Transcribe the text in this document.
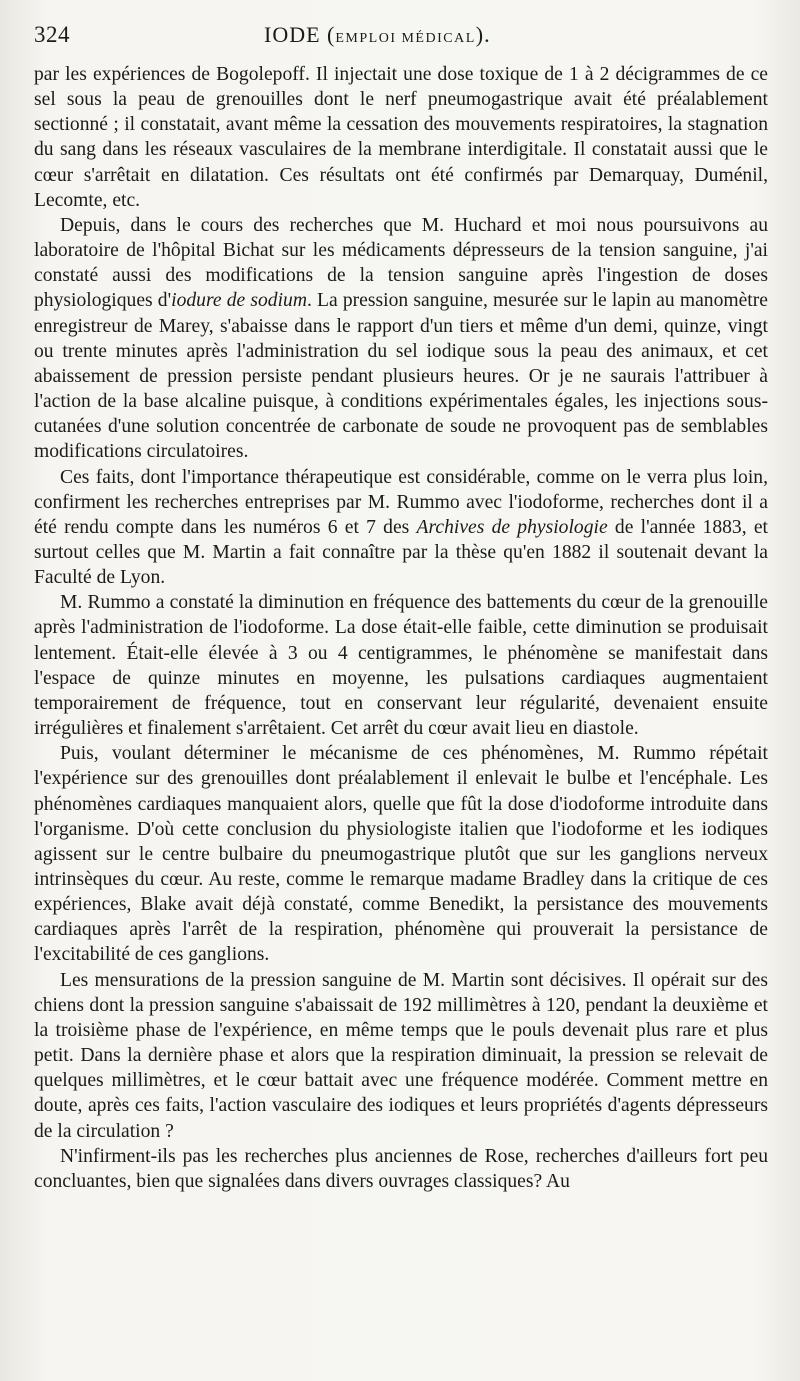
324	IODE (EMPLOI MÉDICAL).

par les expériences de Bogolepoff. Il injectait une dose toxique de 1 à 2 décigrammes de ce sel sous la peau de grenouilles dont le nerf pneumogastrique avait été préalablement sectionné ; il constatait, avant même la cessation des mouvements respiratoires, la stagnation du sang dans les réseaux vasculaires de la membrane interdigitale. Il constatait aussi que le cœur s'arrêtait en dilatation. Ces résultats ont été confirmés par Demarquay, Duménil, Lecomte, etc.

Depuis, dans le cours des recherches que M. Huchard et moi nous poursuivons au laboratoire de l'hôpital Bichat sur les médicaments dépresseurs de la tension sanguine, j'ai constaté aussi des modifications de la tension sanguine après l'ingestion de doses physiologiques d'iodure de sodium. La pression sanguine, mesurée sur le lapin au manomètre enregistreur de Marey, s'abaisse dans le rapport d'un tiers et même d'un demi, quinze, vingt ou trente minutes après l'administration du sel iodique sous la peau des animaux, et cet abaissement de pression persiste pendant plusieurs heures. Or je ne saurais l'attribuer à l'action de la base alcaline puisque, à conditions expérimentales égales, les injections sous-cutanées d'une solution concentrée de carbonate de soude ne provoquent pas de semblables modifications circulatoires.

Ces faits, dont l'importance thérapeutique est considérable, comme on le verra plus loin, confirment les recherches entreprises par M. Rummo avec l'iodoforme, recherches dont il a été rendu compte dans les numéros 6 et 7 des Archives de physiologie de l'année 1883, et surtout celles que M. Martin a fait connaître par la thèse qu'en 1882 il soutenait devant la Faculté de Lyon.

M. Rummo a constaté la diminution en fréquence des battements du cœur de la grenouille après l'administration de l'iodoforme. La dose était-elle faible, cette diminution se produisait lentement. Était-elle élevée à 3 ou 4 centigrammes, le phénomène se manifestait dans l'espace de quinze minutes en moyenne, les pulsations cardiaques augmentaient temporairement de fréquence, tout en conservant leur régularité, devenaient ensuite irrégulières et finalement s'arrêtaient. Cet arrêt du cœur avait lieu en diastole.

Puis, voulant déterminer le mécanisme de ces phénomènes, M. Rummo répétait l'expérience sur des grenouilles dont préalablement il enlevait le bulbe et l'encéphale. Les phénomènes cardiaques manquaient alors, quelle que fût la dose d'iodoforme introduite dans l'organisme. D'où cette conclusion du physiologiste italien que l'iodoforme et les iodiques agissent sur le centre bulbaire du pneumogastrique plutôt que sur les ganglions nerveux intrinsèques du cœur. Au reste, comme le remarque madame Bradley dans la critique de ces expériences, Blake avait déjà constaté, comme Benedikt, la persistance des mouvements cardiaques après l'arrêt de la respiration, phénomène qui prouverait la persistance de l'excitabilité de ces ganglions.

Les mensurations de la pression sanguine de M. Martin sont décisives. Il opérait sur des chiens dont la pression sanguine s'abaissait de 192 millimètres à 120, pendant la deuxième et la troisième phase de l'expérience, en même temps que le pouls devenait plus rare et plus petit. Dans la dernière phase et alors que la respiration diminuait, la pression se relevait de quelques millimètres, et le cœur battait avec une fréquence modérée. Comment mettre en doute, après ces faits, l'action vasculaire des iodiques et leurs propriétés d'agents dépresseurs de la circulation ?

N'infirment-ils pas les recherches plus anciennes de Rose, recherches d'ailleurs fort peu concluantes, bien que signalées dans divers ouvrages classiques? Au
